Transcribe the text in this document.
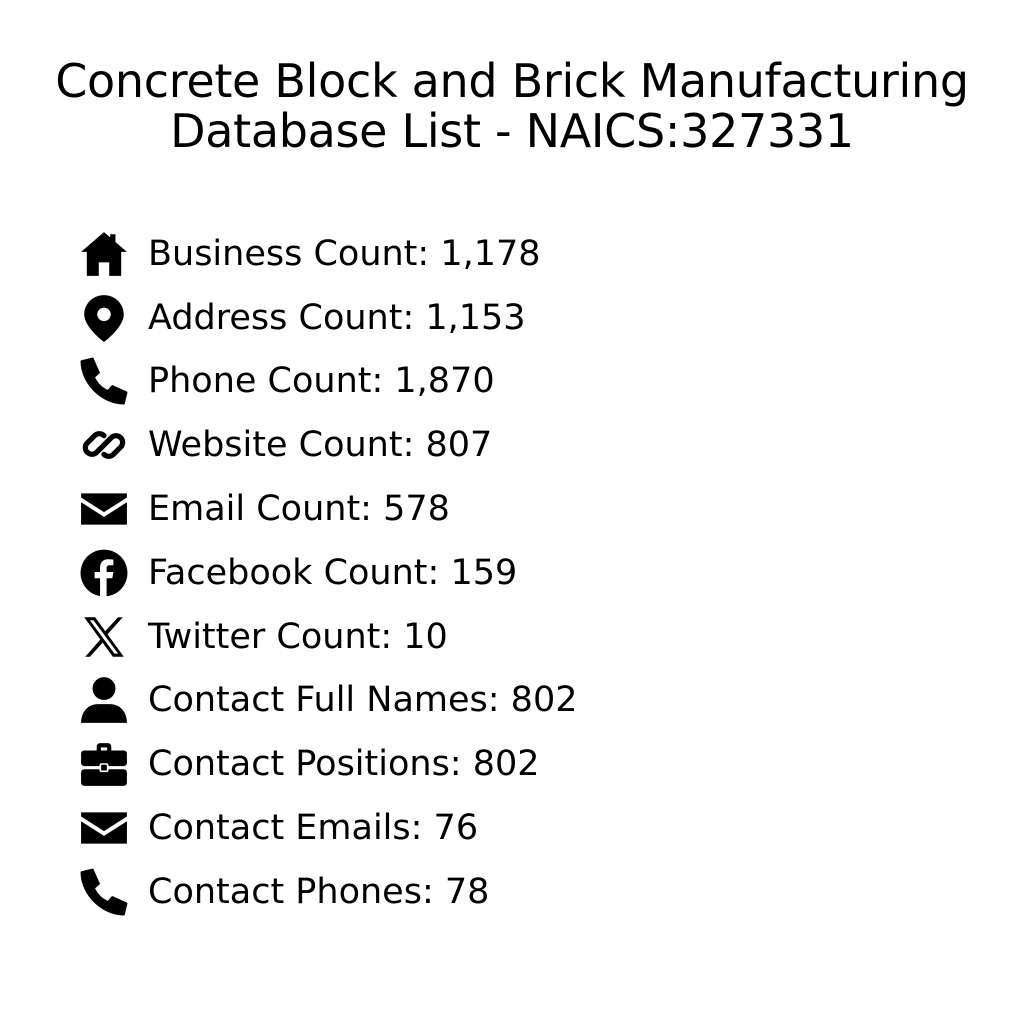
Concrete Block and Brick Manufacturing
Database List - NAICS:327331
Business Count: 1,178
Address Count: 1,153
Phone Count: 1,870
Website Count: 807
Email Count: 578
Facebook Count: 159
Twitter Count: 10
Contact Full Names: 802
Contact Positions: 802
Contact Emails: 76
Contact Phones: 78
